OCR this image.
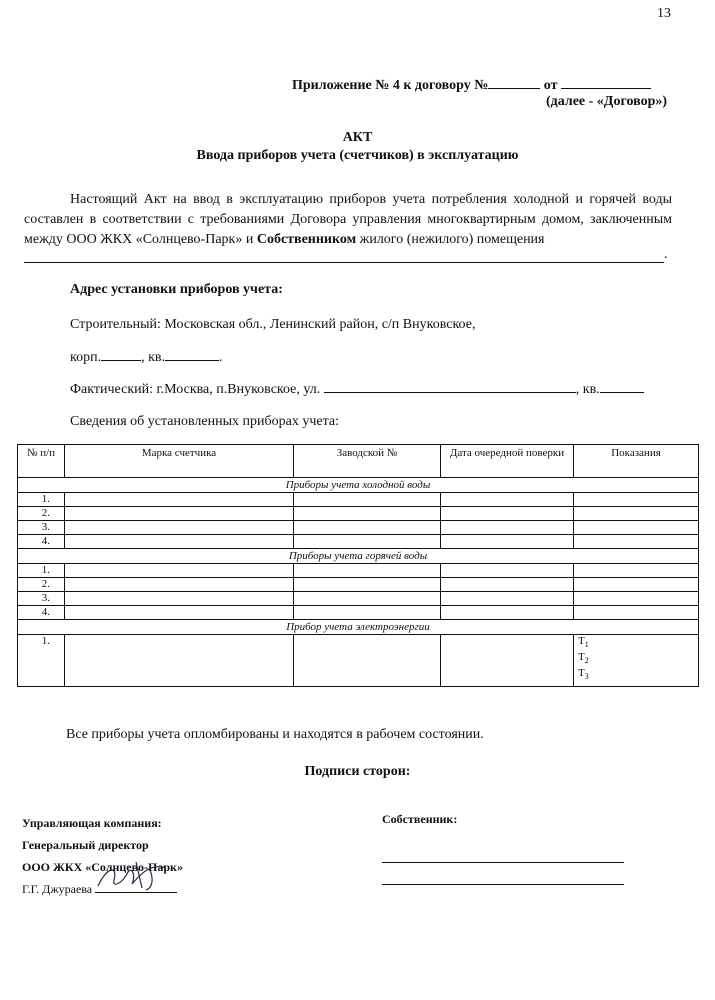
13
Приложение № 4 к договору №	от
(далее - «Договор»)
АКТ
Ввода приборов учета (счетчиков) в эксплуатацию

Настоящий Акт на ввод в эксплуатацию приборов учета потребления холодной и горячей воды составлен в соответствии с требованиями Договора управления многоквартирным домом, заключенным между ООО ЖКХ «Солнцево-Парк» и Собственником жилого (нежилого) помещения

.
Адрес установки приборов учета:
Строительный: Московская обл., Ленинский район, с/п Внуковское,
корп.	, кв.	.
Фактический: г.Москва, п.Внуковское, ул.	, кв.
Сведения об установленных приборах учета:
№ п/п	Марка счетчика	Заводской №	Дата очередной поверки	Показания
Приборы учета холодной воды				
1.				
2.				
3.				
4.				
Приборы учета горячей воды				
1.				
2.				
3.				
4.				
Прибор учета электроэнергии				
1.				$T_1$
$T_2$
$T_3$
Все приборы учета опломбированы и находятся в рабочем состоянии.
Подписи сторон:
Управляющая компания:
Генеральный директор
ООО ЖКХ «Солнцево-Парк»
Г.Г. Джураева
Собственник:
